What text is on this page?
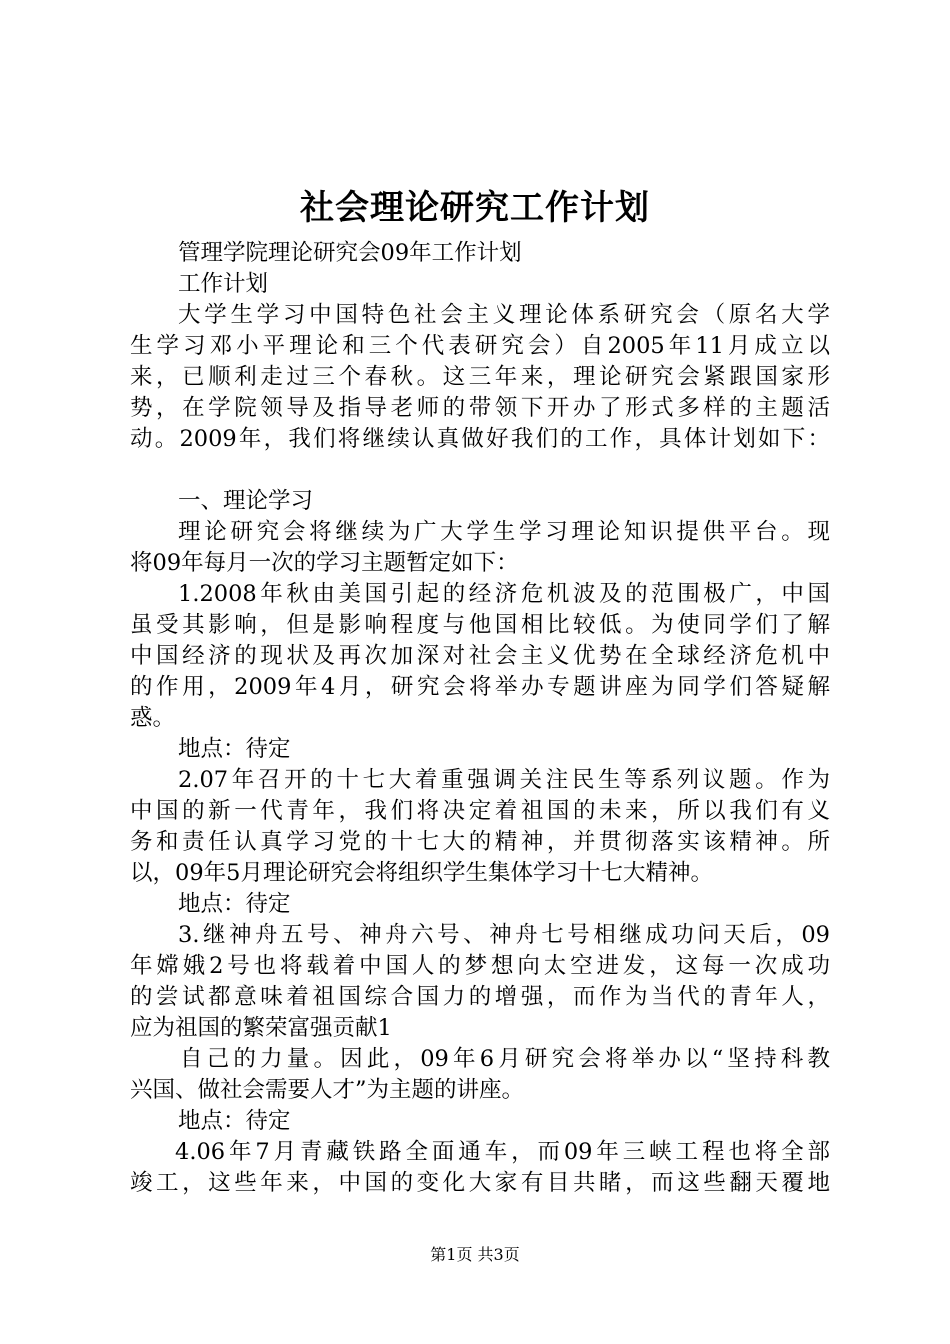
社会理论研究工作计划
管理学院理论研究会09年工作计划
工作计划
大学生学习中国特色社会主义理论体系研究会（原名大学
生学习邓小平理论和三个代表研究会）自2005年11月成立以
来，已顺利走过三个春秋。这三年来，理论研究会紧跟国家形
势，在学院领导及指导老师的带领下开办了形式多样的主题活
动。2009年，我们将继续认真做好我们的工作，具体计划如下：
一、理论学习
理论研究会将继续为广大学生学习理论知识提供平台。现
将09年每月一次的学习主题暂定如下：
1.2008年秋由美国引起的经济危机波及的范围极广，中国
虽受其影响，但是影响程度与他国相比较低。为使同学们了解
中国经济的现状及再次加深对社会主义优势在全球经济危机中
的作用，2009年4月，研究会将举办专题讲座为同学们答疑解
惑。
地点：待定
2.07年召开的十七大着重强调关注民生等系列议题。作为
中国的新一代青年，我们将决定着祖国的未来，所以我们有义
务和责任认真学习党的十七大的精神，并贯彻落实该精神。所
以，09年5月理论研究会将组织学生集体学习十七大精神。
地点：待定
3.继神舟五号、神舟六号、神舟七号相继成功问天后，09
年嫦娥2号也将载着中国人的梦想向太空进发，这每一次成功
的尝试都意味着祖国综合国力的增强，而作为当代的青年人，
应为祖国的繁荣富强贡献1
自己的力量。因此，09年6月研究会将举办以“坚持科教
兴国、做社会需要人才”为主题的讲座。
地点：待定
4.06年7月青藏铁路全面通车，而09年三峡工程也将全部
竣工，这些年来，中国的变化大家有目共睹，而这些翻天覆地
第1页 共3页
